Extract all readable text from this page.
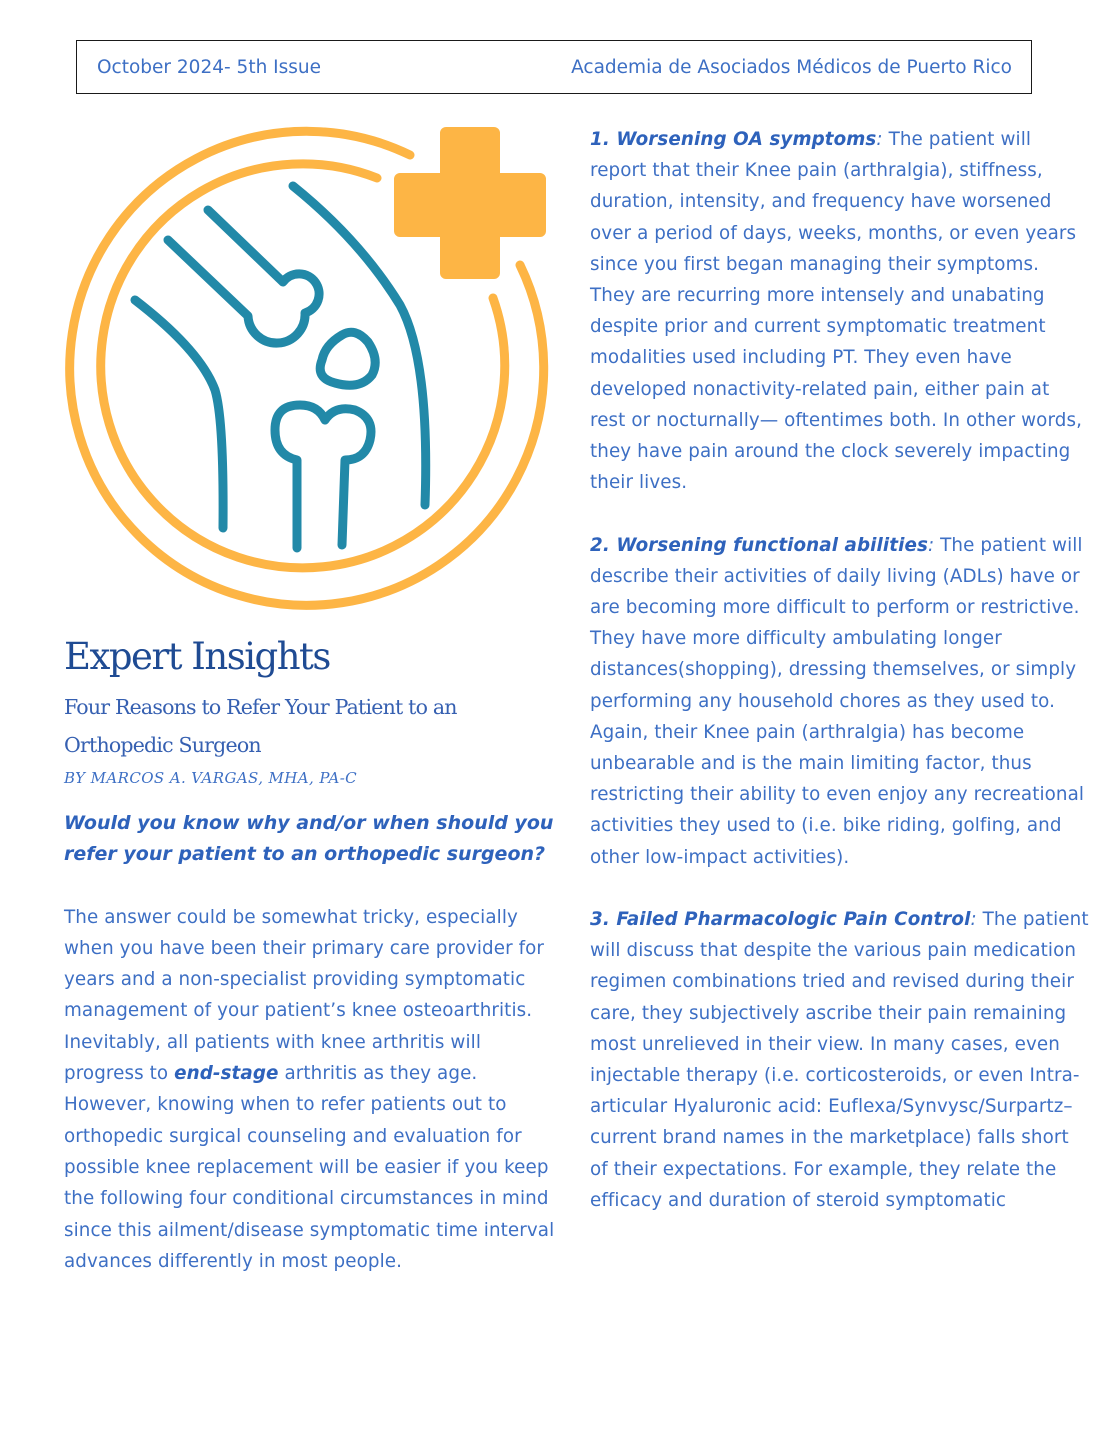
October 2024- 5th Issue	Academia de Asociados Médicos de Puerto Rico
Expert Insights
Four Reasons to Refer Your Patient to an Orthopedic Surgeon
BY MARCOS A. VARGAS, MHA, PA-C
Would you know why and/or when should you refer your patient to an orthopedic surgeon?
The answer could be somewhat tricky, especially when you have been their primary care provider for years and a non-specialist providing symptomatic management of your patient’s knee osteoarthritis. Inevitably, all patients with knee arthritis will progress to end-stage arthritis as they age. However, knowing when to refer patients out to orthopedic surgical counseling and evaluation for possible knee replacement will be easier if you keep the following four conditional circumstances in mind since this ailment/disease symptomatic time interval advances differently in most people.

1. Worsening OA symptoms: The patient will report that their Knee pain (arthralgia), stiffness, duration, intensity, and frequency have worsened over a period of days, weeks, months, or even years since you first began managing their symptoms. They are recurring more intensely and unabating despite prior and current symptomatic treatment modalities used including PT. They even have developed nonactivity-related pain, either pain at rest or nocturnally— oftentimes both. In other words, they have pain around the clock severely impacting their lives.

2. Worsening functional abilities: The patient will describe their activities of daily living (ADLs) have or are becoming more difficult to perform or restrictive. They have more difficulty ambulating longer distances(shopping), dressing themselves, or simply performing any household chores as they used to. Again, their Knee pain (arthralgia) has become unbearable and is the main limiting factor, thus restricting their ability to even enjoy any recreational activities they used to (i.e. bike riding, golfing, and other low-impact activities).

3. Failed Pharmacologic Pain Control: The patient will discuss that despite the various pain medication regimen combinations tried and revised during their care, they subjectively ascribe their pain remaining most unrelieved in their view. In many cases, even injectable therapy (i.e. corticosteroids, or even Intra-articular Hyaluronic acid: Euflexa/Synvysc/Surpartz–current brand names in the marketplace) falls short of their expectations. For example, they relate the efficacy and duration of steroid symptomatic
